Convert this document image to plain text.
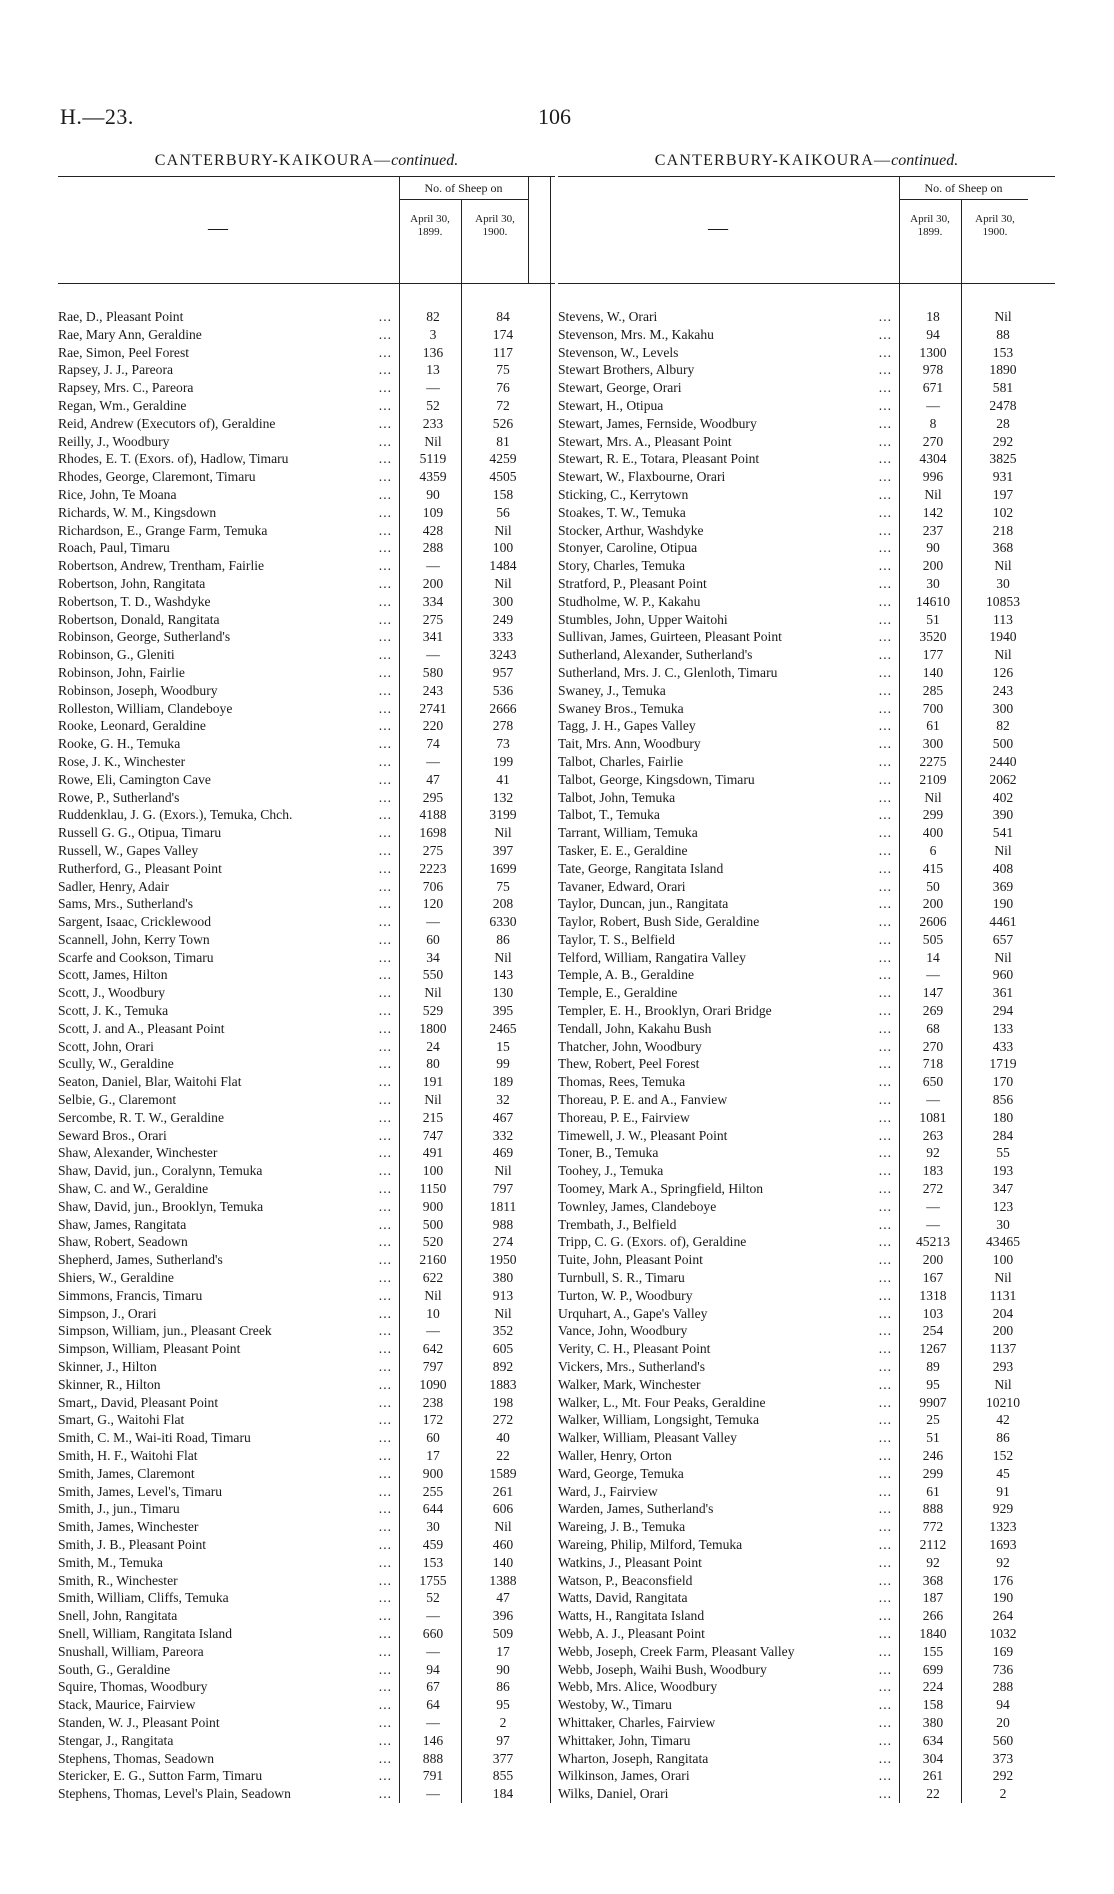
H.—23.	106
CANTERBURY-KAIKOURA—continued.
—
No. of Sheep on
April 30, 1899.
April 30, 1900.
Rae, D., Pleasant Point	...	82	84
Rae, Mary Ann, Geraldine	...	3	174
Rae, Simon, Peel Forest	...	136	117
Rapsey, J. J., Pareora	...	13	75
Rapsey, Mrs. C., Pareora	...	—	76
Regan, Wm., Geraldine	...	52	72
Reid, Andrew (Executors of), Geraldine	...	233	526
Reilly, J., Woodbury	...	Nil	81
Rhodes, E. T. (Exors. of), Hadlow, Timaru	...	5119	4259
Rhodes, George, Claremont, Timaru	...	4359	4505
Rice, John, Te Moana	...	90	158
Richards, W. M., Kingsdown	...	109	56
Richardson, E., Grange Farm, Temuka	...	428	Nil
Roach, Paul, Timaru	...	288	100
Robertson, Andrew, Trentham, Fairlie	...	—	1484
Robertson, John, Rangitata	...	200	Nil
Robertson, T. D., Washdyke	...	334	300
Robertson, Donald, Rangitata	...	275	249
Robinson, George, Sutherland's	...	341	333
Robinson, G., Gleniti	...	—	3243
Robinson, John, Fairlie	...	580	957
Robinson, Joseph, Woodbury	...	243	536
Rolleston, William, Clandeboye	...	2741	2666
Rooke, Leonard, Geraldine	...	220	278
Rooke, G. H., Temuka	...	74	73
Rose, J. K., Winchester	...	—	199
Rowe, Eli, Camington Cave	...	47	41
Rowe, P., Sutherland's	...	295	132
Ruddenklau, J. G. (Exors.), Temuka, Chch.	...	4188	3199
Russell G. G., Otipua, Timaru	...	1698	Nil
Russell, W., Gapes Valley	...	275	397
Rutherford, G., Pleasant Point	...	2223	1699
Sadler, Henry, Adair	...	706	75
Sams, Mrs., Sutherland's	...	120	208
Sargent, Isaac, Cricklewood	...	—	6330
Scannell, John, Kerry Town	...	60	86
Scarfe and Cookson, Timaru	...	34	Nil
Scott, James, Hilton	...	550	143
Scott, J., Woodbury	...	Nil	130
Scott, J. K., Temuka	...	529	395
Scott, J. and A., Pleasant Point	...	1800	2465
Scott, John, Orari	...	24	15
Scully, W., Geraldine	...	80	99
Seaton, Daniel, Blar, Waitohi Flat	...	191	189
Selbie, G., Claremont	...	Nil	32
Sercombe, R. T. W., Geraldine	...	215	467
Seward Bros., Orari	...	747	332
Shaw, Alexander, Winchester	...	491	469
Shaw, David, jun., Coralynn, Temuka	...	100	Nil
Shaw, C. and W., Geraldine	...	1150	797
Shaw, David, jun., Brooklyn, Temuka	...	900	1811
Shaw, James, Rangitata	...	500	988
Shaw, Robert, Seadown	...	520	274
Shepherd, James, Sutherland's	...	2160	1950
Shiers, W., Geraldine	...	622	380
Simmons, Francis, Timaru	...	Nil	913
Simpson, J., Orari	...	10	Nil
Simpson, William, jun., Pleasant Creek	...	—	352
Simpson, William, Pleasant Point	...	642	605
Skinner, J., Hilton	...	797	892
Skinner, R., Hilton	...	1090	1883
Smart,, David, Pleasant Point	...	238	198
Smart, G., Waitohi Flat	...	172	272
Smith, C. M., Wai-iti Road, Timaru	...	60	40
Smith, H. F., Waitohi Flat	...	17	22
Smith, James, Claremont	...	900	1589
Smith, James, Level's, Timaru	...	255	261
Smith, J., jun., Timaru	...	644	606
Smith, James, Winchester	...	30	Nil
Smith, J. B., Pleasant Point	...	459	460
Smith, M., Temuka	...	153	140
Smith, R., Winchester	...	1755	1388
Smith, William, Cliffs, Temuka	...	52	47
Snell, John, Rangitata	...	—	396
Snell, William, Rangitata Island	...	660	509
Snushall, William, Pareora	...	—	17
South, G., Geraldine	...	94	90
Squire, Thomas, Woodbury	...	67	86
Stack, Maurice, Fairview	...	64	95
Standen, W. J., Pleasant Point	...	—	2
Stengar, J., Rangitata	...	146	97
Stephens, Thomas, Seadown	...	888	377
Stericker, E. G., Sutton Farm, Timaru	...	791	855
Stephens, Thomas, Level's Plain, Seadown	...	—	184
CANTERBURY-KAIKOURA—continued.
—
No. of Sheep on
April 30, 1899.
April 30, 1900.
Stevens, W., Orari	...	18	Nil
Stevenson, Mrs. M., Kakahu	...	94	88
Stevenson, W., Levels	...	1300	153
Stewart Brothers, Albury	...	978	1890
Stewart, George, Orari	...	671	581
Stewart, H., Otipua	...	—	2478
Stewart, James, Fernside, Woodbury	...	8	28
Stewart, Mrs. A., Pleasant Point	...	270	292
Stewart, R. E., Totara, Pleasant Point	...	4304	3825
Stewart, W., Flaxbourne, Orari	...	996	931
Sticking, C., Kerrytown	...	Nil	197
Stoakes, T. W., Temuka	...	142	102
Stocker, Arthur, Washdyke	...	237	218
Stonyer, Caroline, Otipua	...	90	368
Story, Charles, Temuka	...	200	Nil
Stratford, P., Pleasant Point	...	30	30
Studholme, W. P., Kakahu	...	14610	10853
Stumbles, John, Upper Waitohi	...	51	113
Sullivan, James, Guirteen, Pleasant Point	...	3520	1940
Sutherland, Alexander, Sutherland's	...	177	Nil
Sutherland, Mrs. J. C., Glenloth, Timaru	...	140	126
Swaney, J., Temuka	...	285	243
Swaney Bros., Temuka	...	700	300
Tagg, J. H., Gapes Valley	...	61	82
Tait, Mrs. Ann, Woodbury	...	300	500
Talbot, Charles, Fairlie	...	2275	2440
Talbot, George, Kingsdown, Timaru	...	2109	2062
Talbot, John, Temuka	...	Nil	402
Talbot, T., Temuka	...	299	390
Tarrant, William, Temuka	...	400	541
Tasker, E. E., Geraldine	...	6	Nil
Tate, George, Rangitata Island	...	415	408
Tavaner, Edward, Orari	...	50	369
Taylor, Duncan, jun., Rangitata	...	200	190
Taylor, Robert, Bush Side, Geraldine	...	2606	4461
Taylor, T. S., Belfield	...	505	657
Telford, William, Rangatira Valley	...	14	Nil
Temple, A. B., Geraldine	...	—	960
Temple, E., Geraldine	...	147	361
Templer, E. H., Brooklyn, Orari Bridge	...	269	294
Tendall, John, Kakahu Bush	...	68	133
Thatcher, John, Woodbury	...	270	433
Thew, Robert, Peel Forest	...	718	1719
Thomas, Rees, Temuka	...	650	170
Thoreau, P. E. and A., Fanview	...	—	856
Thoreau, P. E., Fairview	...	1081	180
Timewell, J. W., Pleasant Point	...	263	284
Toner, B., Temuka	...	92	55
Toohey, J., Temuka	...	183	193
Toomey, Mark A., Springfield, Hilton	...	272	347
Townley, James, Clandeboye	...	—	123
Trembath, J., Belfield	...	—	30
Tripp, C. G. (Exors. of), Geraldine	...	45213	43465
Tuite, John, Pleasant Point	...	200	100
Turnbull, S. R., Timaru	...	167	Nil
Turton, W. P., Woodbury	...	1318	1131
Urquhart, A., Gape's Valley	...	103	204
Vance, John, Woodbury	...	254	200
Verity, C. H., Pleasant Point	...	1267	1137
Vickers, Mrs., Sutherland's	...	89	293
Walker, Mark, Winchester	...	95	Nil
Walker, L., Mt. Four Peaks, Geraldine	...	9907	10210
Walker, William, Longsight, Temuka	...	25	42
Walker, William, Pleasant Valley	...	51	86
Waller, Henry, Orton	...	246	152
Ward, George, Temuka	...	299	45
Ward, J., Fairview	...	61	91
Warden, James, Sutherland's	...	888	929
Wareing, J. B., Temuka	...	772	1323
Wareing, Philip, Milford, Temuka	...	2112	1693
Watkins, J., Pleasant Point	...	92	92
Watson, P., Beaconsfield	...	368	176
Watts, David, Rangitata	...	187	190
Watts, H., Rangitata Island	...	266	264
Webb, A. J., Pleasant Point	...	1840	1032
Webb, Joseph, Creek Farm, Pleasant Valley	...	155	169
Webb, Joseph, Waihi Bush, Woodbury	...	699	736
Webb, Mrs. Alice, Woodbury	...	224	288
Westoby, W., Timaru	...	158	94
Whittaker, Charles, Fairview	...	380	20
Whittaker, John, Timaru	...	634	560
Wharton, Joseph, Rangitata	...	304	373
Wilkinson, James, Orari	...	261	292
Wilks, Daniel, Orari	...	22	2
